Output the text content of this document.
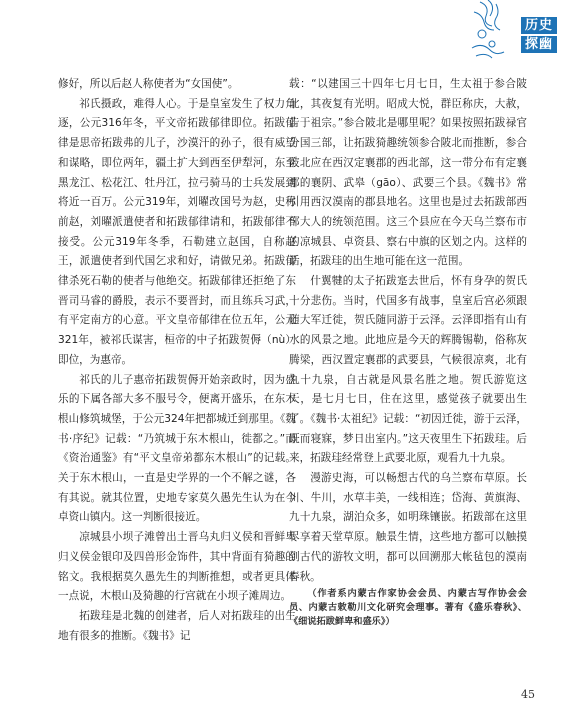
历史
探幽

修好，所以后赵人称使者为“女国使”。

祁氏摄政，难得人心。于是皇室发生了权力角逐，公元316年冬，平文帝拓跋郁律即位。拓跋郁律是思帝拓跋弗的儿子，沙漠汗的孙子，很有威望和谋略，即位两年，疆土扩大到西至伊犁河，东至黑龙江、松花江、牡丹江，拉弓骑马的士兵发展到将近一百万。公元319年，刘曜改国号为赵，史称前赵，刘曜派遣使者和拓跋郁律请和，拓跋郁律不接受。公元319年冬季，石勒建立赵国，自称赵王，派遣使者到代国乞求和好，请做兄弟。拓跋郁律杀死石勒的使者与他绝交。拓跋郁律还拒绝了东晋司马睿的爵股，表示不要晋封，而且练兵习武，有平定南方的心意。平文皇帝郁律在位五年，公元321年，被祁氏谋害，桓帝的中子拓跋贺傉（nù）即位，为惠帝。

祁氏的儿子惠帝拓跋贺傉开始亲政时，因为盛乐的下属各部大多不服号令，便离开盛乐，在东木根山修筑城堡，于公元324年把都城迁到那里。《魏书·序纪》记载：“乃筑城于东木根山，徙都之。”而《资治通鉴》有“平文皇帝弟都东木根山”的记载。关于东木根山，一直是史学界的一个不解之谜，各有其说。就其位置，史地专家莫久愚先生认为在今卓资山镇内。这一判断很接近。

凉城县小坝子滩曾出土晋乌丸归义侯和晋鲜卑归义侯金银印及四兽形金饰件，其中背面有猗趣的铭文。我根据莫久愚先生的判断推想，或者更具体一点说，木根山及猗趣的行宫就在小坝子滩周边。

拓跋珪是北魏的创建者，后人对拓跋珪的出生地有很多的推断。《魏书》记

载：“以建国三十四年七月七日，生太祖于参合陂北，其夜复有光明。昭成大悦，群臣称庆，大赦，告于祖宗。”参合陂北是哪里呢？如果按照拓跋禄官分国三部，让拓跋猗趣统领参合陂北而推断，参合陂北应在西汉定襄郡的西北部，这一带分布有定襄郡的襄阴、武皋（gāo）、武要三个县。《魏书》常引用西汉漠南的郡县地名。这里也是过去拓跋部西部大人的统领范围。这三个县应在今天乌兰察布市的凉城县、卓资县、察右中旗的区划之内。这样的话，拓跋珪的出生地可能在这一范围。

什翼犍的太子拓跋寔去世后，怀有身孕的贺氏十分悲伤。当时，代国多有战事，皇室后宫必须跟随大军迁徙，贺氏随同游于云泽。云泽即指有山有水的风景之地。此地应是今天的辉腾锡勒，俗称灰腾梁，西汉置定襄郡的武要县，气候很凉爽，北有九十九泉，自古就是风景名胜之地。贺氏游览这天，是七月七日，住在这里，感觉孩子就要出生了。《魏书·太祖纪》记载：“初因迁徙，游于云泽，既而寝寐，梦日出室内。”这天夜里生下拓跋珪。后来，拓跋珪经常登上武要北原，观看九十九泉。

漫游史海，可以畅想古代的乌兰察布草原。长川、牛川，水草丰美，一线相连；岱海、黄旗海、九十九泉，湖泊众多，如明珠镶嵌。拓跋部在这里尽享着天堂草原。触景生情，这些地方都可以触摸到古代的游牧文明，都可以回溯那大帐毡包的漠南春秋。

（作者系内蒙古作家协会会员、内蒙古写作协会会员、内蒙古敕勒川文化研究会理事。著有《盛乐春秋》、《细说拓跋鲜卑和盛乐》）

45
